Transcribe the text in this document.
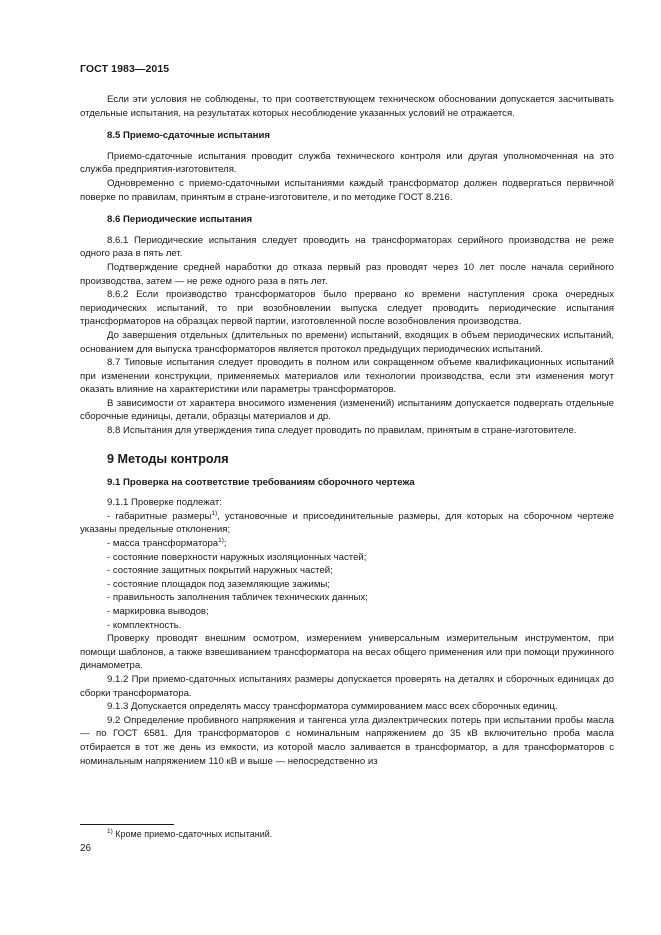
ГОСТ 1983—2015

Если эти условия не соблюдены, то при соответствующем техническом обосновании допускается засчитывать отдельные испытания, на результатах которых несоблюдение указанных условий не отражается.

8.5 Приемо-сдаточные испытания

Приемо-сдаточные испытания проводит служба технического контроля или другая уполномоченная на это служба предприятия-изготовителя.

Одновременно с приемо-сдаточными испытаниями каждый трансформатор должен подвергаться первичной поверке по правилам, принятым в стране-изготовителе, и по методике ГОСТ 8.216.

8.6 Периодические испытания

8.6.1 Периодические испытания следует проводить на трансформаторах серийного производства не реже одного раза в пять лет.

Подтверждение средней наработки до отказа первый раз проводят через 10 лет после начала серийного производства, затем — не реже одного раза в пять лет.

8.6.2 Если производство трансформаторов было прервано ко времени наступления срока очередных периодических испытаний, то при возобновлении выпуска следует проводить периодические испытания трансформаторов на образцах первой партии, изготовленной после возобновления производства.

До завершения отдельных (длительных по времени) испытаний, входящих в объем периодических испытаний, основанием для выпуска трансформаторов является протокол предыдущих периодических испытаний.

8.7 Типовые испытания следует проводить в полном или сокращенном объеме квалификационных испытаний при изменении конструкции, применяемых материалов или технологии производства, если эти изменения могут оказать влияние на характеристики или параметры трансформаторов.

В зависимости от характера вносимого изменения (изменений) испытаниям допускается подвергать отдельные сборочные единицы, детали, образцы материалов и др.

8.8 Испытания для утверждения типа следует проводить по правилам, принятым в стране-изготовителе.

9 Методы контроля
9.1 Проверка на соответствие требованиям сборочного чертежа

9.1.1 Проверке подлежат:

- габаритные размеры$^{1)}$, установочные и присоединительные размеры, для которых на сборочном чертеже указаны предельные отклонения;

- масса трансформатора$^{1)}$;

- состояние поверхности наружных изоляционных частей;

- состояние защитных покрытий наружных частей;

- состояние площадок под заземляющие зажимы;

- правильность заполнения табличек технических данных;

- маркировка выводов;

- комплектность.

Проверку проводят внешним осмотром, измерением универсальным измерительным инструментом, при помощи шаблонов, а также взвешиванием трансформатора на весах общего применения или при помощи пружинного динамометра.

9.1.2 При приемо-сдаточных испытаниях размеры допускается проверять на деталях и сборочных единицах до сборки трансформатора.

9.1.3 Допускается определять массу трансформатора суммированием масс всех сборочных единиц.

9.2 Определение пробивного напряжения и тангенса угла диэлектрических потерь при испытании пробы масла — по ГОСТ 6581. Для трансформаторов с номинальным напряжением до 35 кВ включительно проба масла отбирается в тот же день из емкости, из которой масло заливается в трансформатор, а для трансформаторов с номинальным напряжением 110 кВ и выше — непосредственно из

$^{1)}$ Кроме приемо-сдаточных испытаний.
26
